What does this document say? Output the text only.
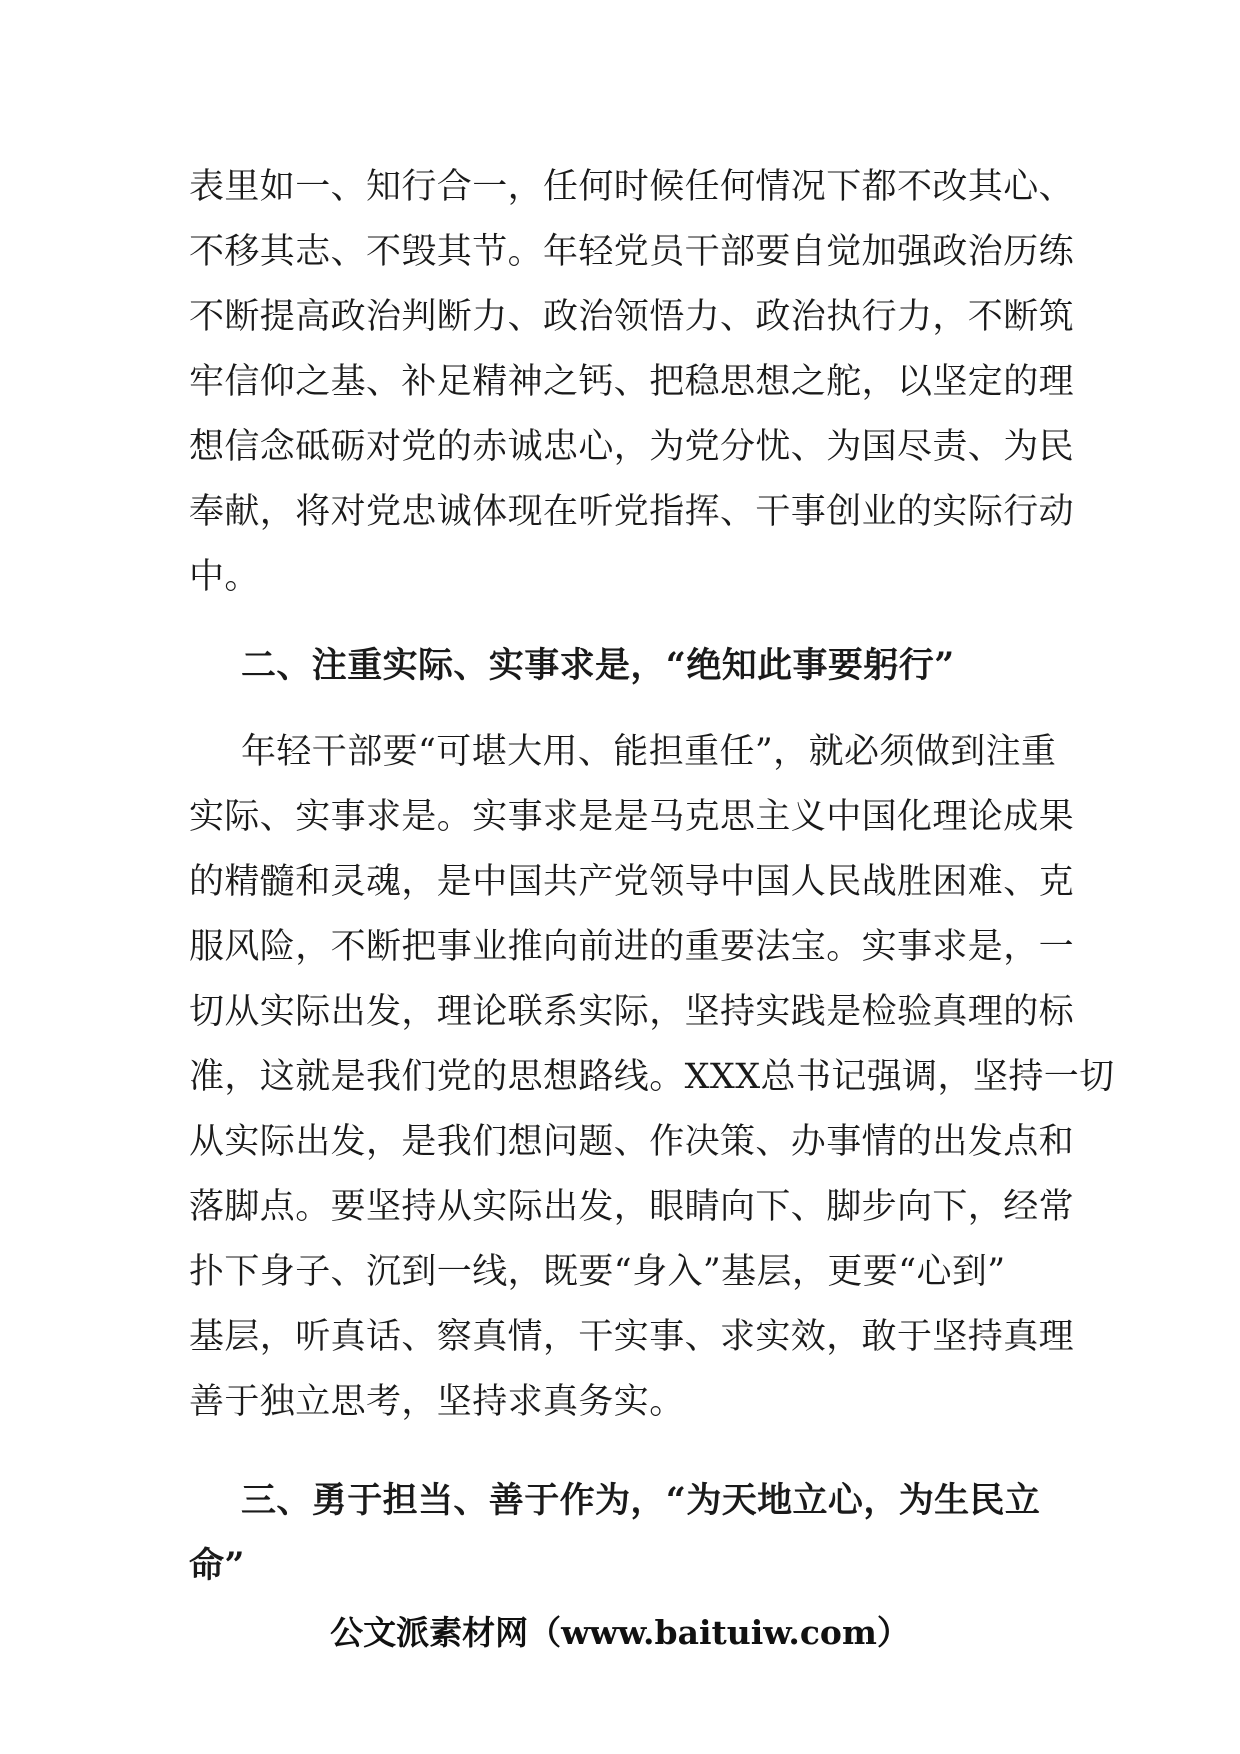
表里如一、知行合一，任何时候任何情况下都不改其心、
不移其志、不毁其节。年轻党员干部要自觉加强政治历练
不断提高政治判断力、政治领悟力、政治执行力，不断筑
牢信仰之基、补足精神之钙、把稳思想之舵，以坚定的理
想信念砥砺对党的赤诚忠心，为党分忧、为国尽责、为民
奉献，将对党忠诚体现在听党指挥、干事创业的实际行动
中。
二、注重实际、实事求是，“绝知此事要躬行”
年轻干部要“可堪大用、能担重任”，就必须做到注重
实际、实事求是。实事求是是马克思主义中国化理论成果
的精髓和灵魂，是中国共产党领导中国人民战胜困难、克
服风险，不断把事业推向前进的重要法宝。实事求是，一
切从实际出发，理论联系实际，坚持实践是检验真理的标
准，这就是我们党的思想路线。XXX总书记强调，坚持一切
从实际出发，是我们想问题、作决策、办事情的出发点和
落脚点。要坚持从实际出发，眼睛向下、脚步向下，经常
扑下身子、沉到一线，既要“身入”基层，更要“心到”
基层，听真话、察真情，干实事、求实效，敢于坚持真理
善于独立思考，坚持求真务实。
三、勇于担当、善于作为，“为天地立心，为生民立
命”
公文派素材网（www.baituiw.com）
